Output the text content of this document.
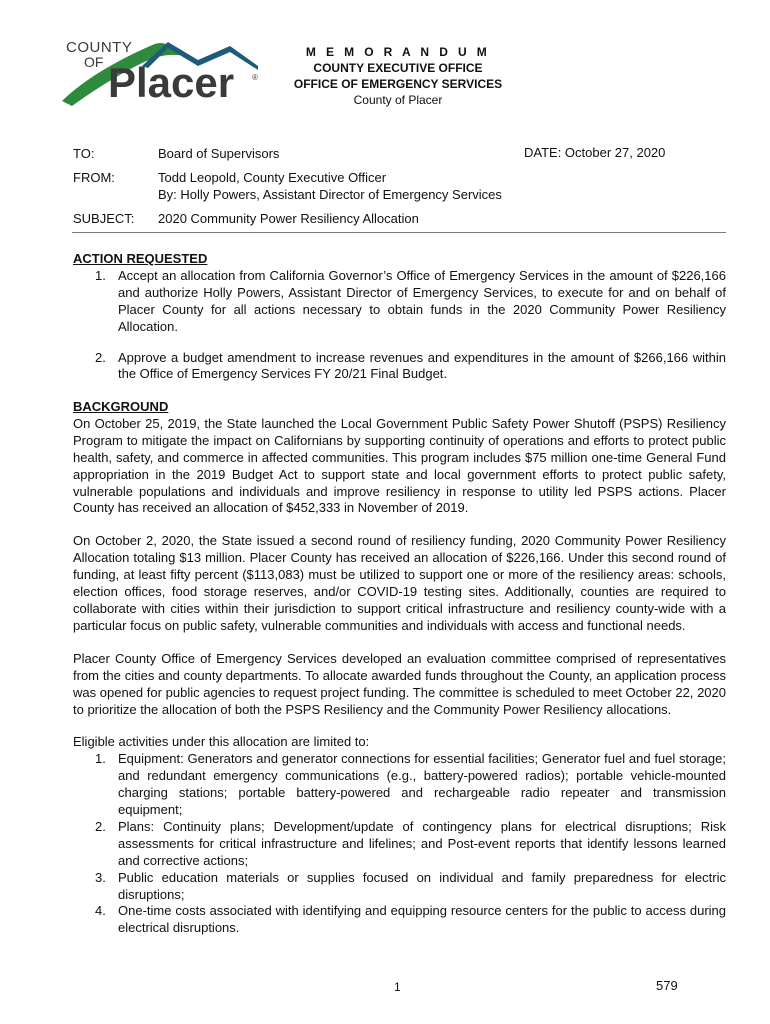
COUNTY
OF Placer ®
M E M O R A N D U M
COUNTY EXECUTIVE OFFICE
OFFICE OF EMERGENCY SERVICES
County of Placer
TO:	Board of Supervisors	DATE: October 27, 2020
FROM:	Todd Leopold, County Executive Officer
By: Holly Powers, Assistant Director of Emergency Services
SUBJECT: 2020 Community Power Resiliency Allocation
ACTION REQUESTED
1. Accept an allocation from California Governor’s Office of Emergency Services in the amount of $226,166 and authorize Holly Powers, Assistant Director of Emergency Services, to execute for and on behalf of Placer County for all actions necessary to obtain funds in the 2020 Community Power Resiliency Allocation.
2. Approve a budget amendment to increase revenues and expenditures in the amount of $266,166 within the Office of Emergency Services FY 20/21 Final Budget.
BACKGROUND

On October 25, 2019, the State launched the Local Government Public Safety Power Shutoff (PSPS) Resiliency Program to mitigate the impact on Californians by supporting continuity of operations and efforts to protect public health, safety, and commerce in affected communities. This program includes $75 million one-time General Fund appropriation in the 2019 Budget Act to support state and local government efforts to protect public safety, vulnerable populations and individuals and improve resiliency in response to utility led PSPS actions. Placer County has received an allocation of $452,333 in November of 2019.

On October 2, 2020, the State issued a second round of resiliency funding, 2020 Community Power Resiliency Allocation totaling $13 million. Placer County has received an allocation of $226,166. Under this second round of funding, at least fifty percent ($113,083) must be utilized to support one or more of the resiliency areas: schools, election offices, food storage reserves, and/or COVID-19 testing sites. Additionally, counties are required to collaborate with cities within their jurisdiction to support critical infrastructure and resiliency county-wide with a particular focus on public safety, vulnerable communities and individuals with access and functional needs.

Placer County Office of Emergency Services developed an evaluation committee comprised of representatives from the cities and county departments. To allocate awarded funds throughout the County, an application process was opened for public agencies to request project funding. The committee is scheduled to meet October 22, 2020 to prioritize the allocation of both the PSPS Resiliency and the Community Power Resiliency allocations.

Eligible activities under this allocation are limited to:

1. Equipment: Generators and generator connections for essential facilities; Generator fuel and fuel storage; and redundant emergency communications (e.g., battery-powered radios); portable vehicle-mounted charging stations; portable battery-powered and rechargeable radio repeater and transmission equipment;
2. Plans: Continuity plans; Development/update of contingency plans for electrical disruptions; Risk assessments for critical infrastructure and lifelines; and Post-event reports that identify lessons learned and corrective actions;
3. Public education materials or supplies focused on individual and family preparedness for electric disruptions;
4. One-time costs associated with identifying and equipping resource centers for the public to access during electrical disruptions.
1	579
